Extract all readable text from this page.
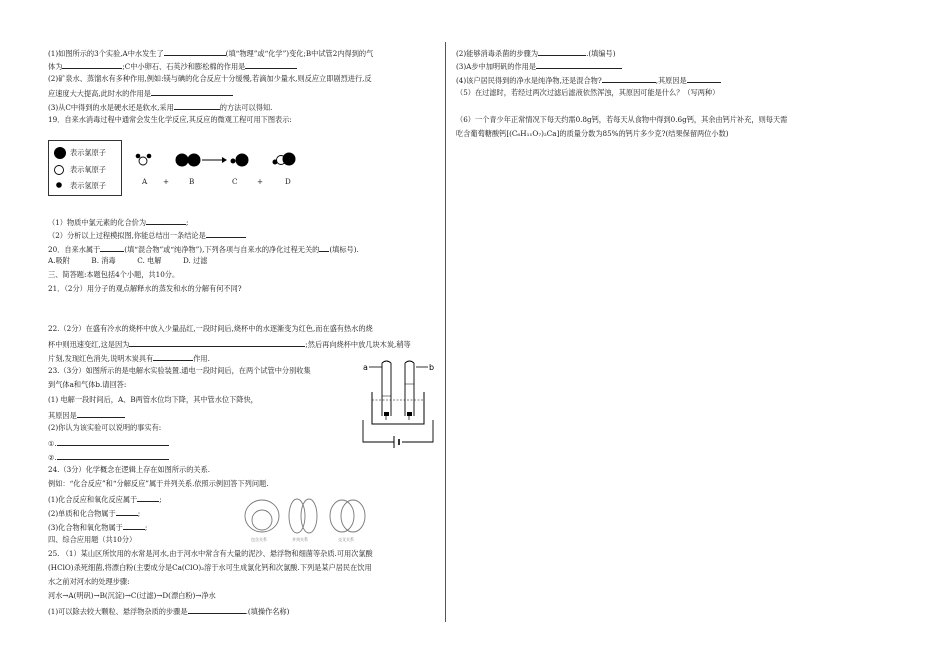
(1)如图所示的3个实验,A中水发生了	(填“物理”或“化学”)变化;B中试管2内得到的气
体为	;C中小卵石、石英沙和膨松棉的作用是
(2)矿泉水、蒸馏水有多种作用,例如:镁与碘的化合反应十分缓慢,若滴加少量水,则反应立即剧烈进行,反
应速度大大提高,此时水的作用是
(3)从C中得到的水是硬水还是软水,采用	的方法可以得知.
19．自来水消毒过程中通常会发生化学反应,其反应的微观工程可用下图表示:
表示氯原子
表示氧原子
表示氢原子	A +	B	C	+	D
（1）物质中氯元素的化合价为	;
（2）分析以上过程模拟图,你能总结出一条结论是
20．自来水属于	(填“混合物”或“纯净物”),下列各项与自来水的净化过程无关的 (填标号).
A.吸附　　　B. 消毒　　　C. 电解　　　D. 过滤
三、简答题:本题包括4个小题，共10分。
21．（2分）用分子的观点解释水的蒸发和水的分解有何不同?
22.（2分）在盛有冷水的烧杯中放入少量品红,一段时间后,烧杯中的水逐渐变为红色,而在盛有热水的烧
杯中则迅速变红,这是因为	;然后再向烧杯中放几块木炭,稍等
片刻,发现红色消失,说明木炭具有	作用.
23.（3分）如图所示的是电解水实验装置.通电一段时间后，在两个试管中分别收集
到气体a和气体b.请回答:
(1) 电解一段时间后，A、B两管水位均下降，其中管水位下降快，
其原因是
(2)你认为该实验可以说明的事实有:
①.
②.
a	b
24.（3分）化学概念在逻辑上存在如图所示的关系.
例如：“化合反应”和“分解反应”属于并列关系.依照示例回答下列问题.
(1)化合反应和氧化反应属于	;
(2)单质和化合物属于	;
(3)化合物和氧化物属于	;
包含关系	并列关系	交叉关系
四、综合应用题（共10分）
25. （1）某山区所饮用的水常是河水,由于河水中常含有大量的泥沙、悬浮物和细菌等杂质.可用次氯酸
(HClO)杀死细菌,将漂白粉(主要成分是Ca(ClO)₂溶于水可生成氯化钙和次氯酸.下列是某户居民在饮用
水之前对河水的处理步骤:
河水→A(明矾)→B(沉淀)→C(过滤)→D(漂白粉)→净水
(1)可以除去较大颗粒、悬浮物杂质的步骤是	.(填操作名称)
(2)能够消毒杀菌的步骤为	.(填编号)
(3)A步中加明矾的作用是
(4)该户居民得到的净水是纯净物,还是混合物?	,其原因是
（5）在过滤时，若经过两次过滤后滤液依然浑浊，其原因可能是什么？（写两种）
（6）一个青少年正常情况下每天约需0.8g钙，若每天从食物中得到0.6g钙，其余由钙片补充，则每天需
吃含葡萄糖酸钙[(C₆H₁₁O₇)₂Ca]的质量分数为85%的钙片多少克?(结果保留两位小数)
